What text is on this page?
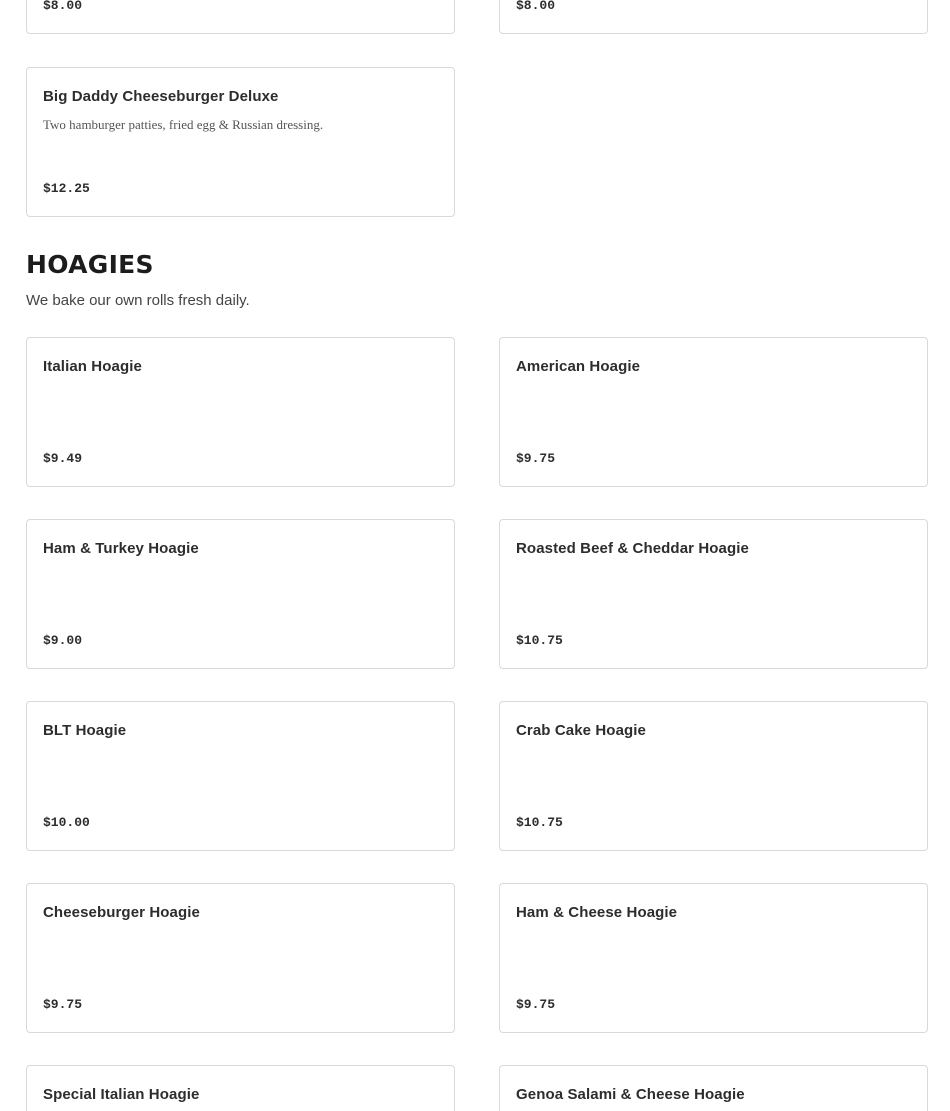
$8.00	$8.00
Big Daddy Cheeseburger Deluxe
Two hamburger patties, fried egg & Russian dressing.
$12.25
HOAGIES

We bake our own rolls fresh daily.

Italian Hoagie
$9.49
American Hoagie
$9.75
Ham & Turkey Hoagie
$9.00
Roasted Beef & Cheddar Hoagie
$10.75
BLT Hoagie
$10.00
Crab Cake Hoagie
$10.75
Cheeseburger Hoagie
$9.75
Ham & Cheese Hoagie
$9.75
Special Italian Hoagie	Genoa Salami & Cheese Hoagie
